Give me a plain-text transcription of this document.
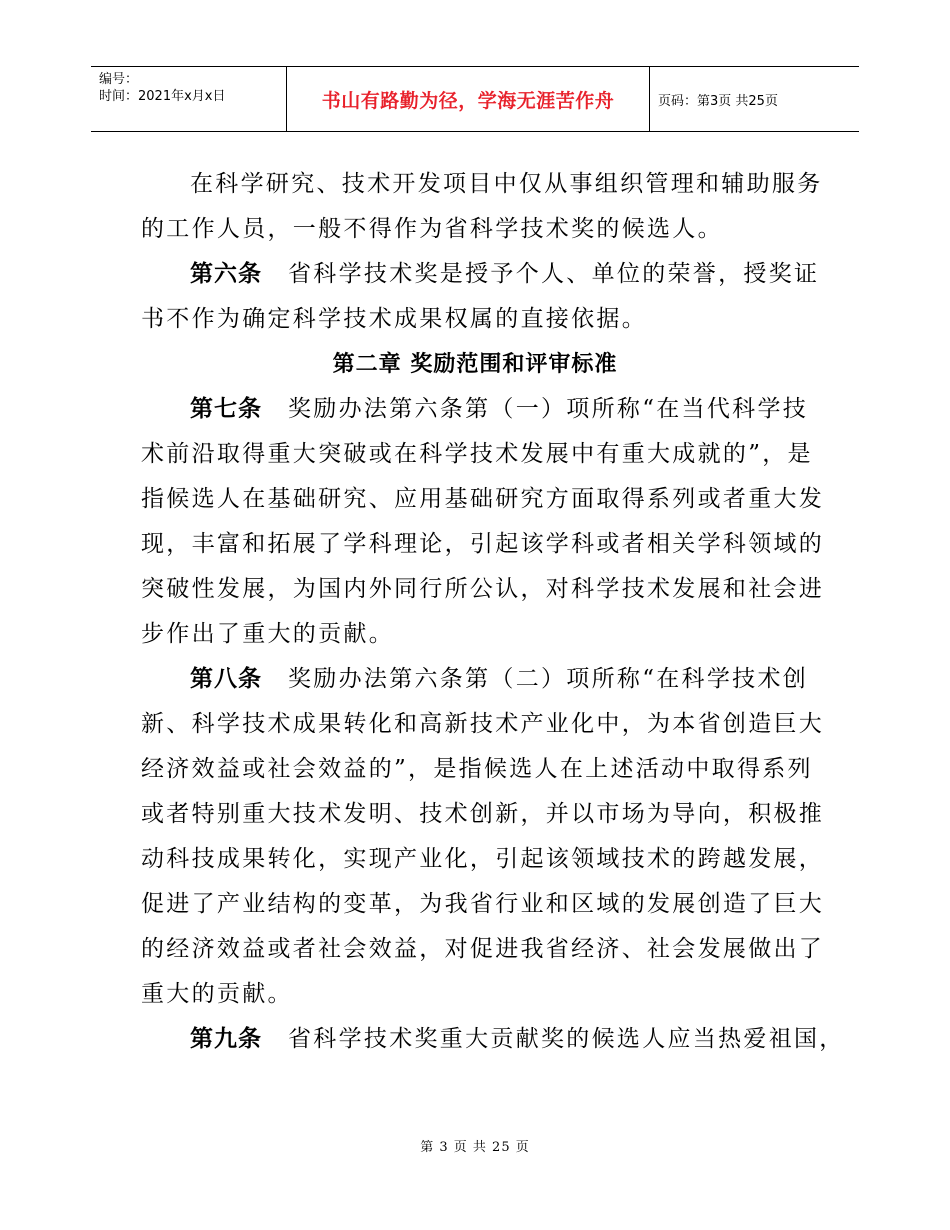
编号：
时间：2021年x月x日	书山有路勤为径，学海无涯苦作舟	页码：第3页 共25页
在科学研究、技术开发项目中仅从事组织管理和辅助服务
的工作人员，一般不得作为省科学技术奖的候选人。
第六条 省科学技术奖是授予个人、单位的荣誉，授奖证
书不作为确定科学技术成果权属的直接依据。
第二章 奖励范围和评审标准
第七条 奖励办法第六条第（一）项所称“在当代科学技
术前沿取得重大突破或在科学技术发展中有重大成就的”，是
指候选人在基础研究、应用基础研究方面取得系列或者重大发
现，丰富和拓展了学科理论，引起该学科或者相关学科领域的
突破性发展，为国内外同行所公认，对科学技术发展和社会进
步作出了重大的贡献。
第八条 奖励办法第六条第（二）项所称“在科学技术创
新、科学技术成果转化和高新技术产业化中，为本省创造巨大
经济效益或社会效益的”，是指候选人在上述活动中取得系列
或者特别重大技术发明、技术创新，并以市场为导向，积极推
动科技成果转化，实现产业化，引起该领域技术的跨越发展，
促进了产业结构的变革，为我省行业和区域的发展创造了巨大
的经济效益或者社会效益，对促进我省经济、社会发展做出了
重大的贡献。
第九条 省科学技术奖重大贡献奖的候选人应当热爱祖国，
第 3 页 共 25 页
